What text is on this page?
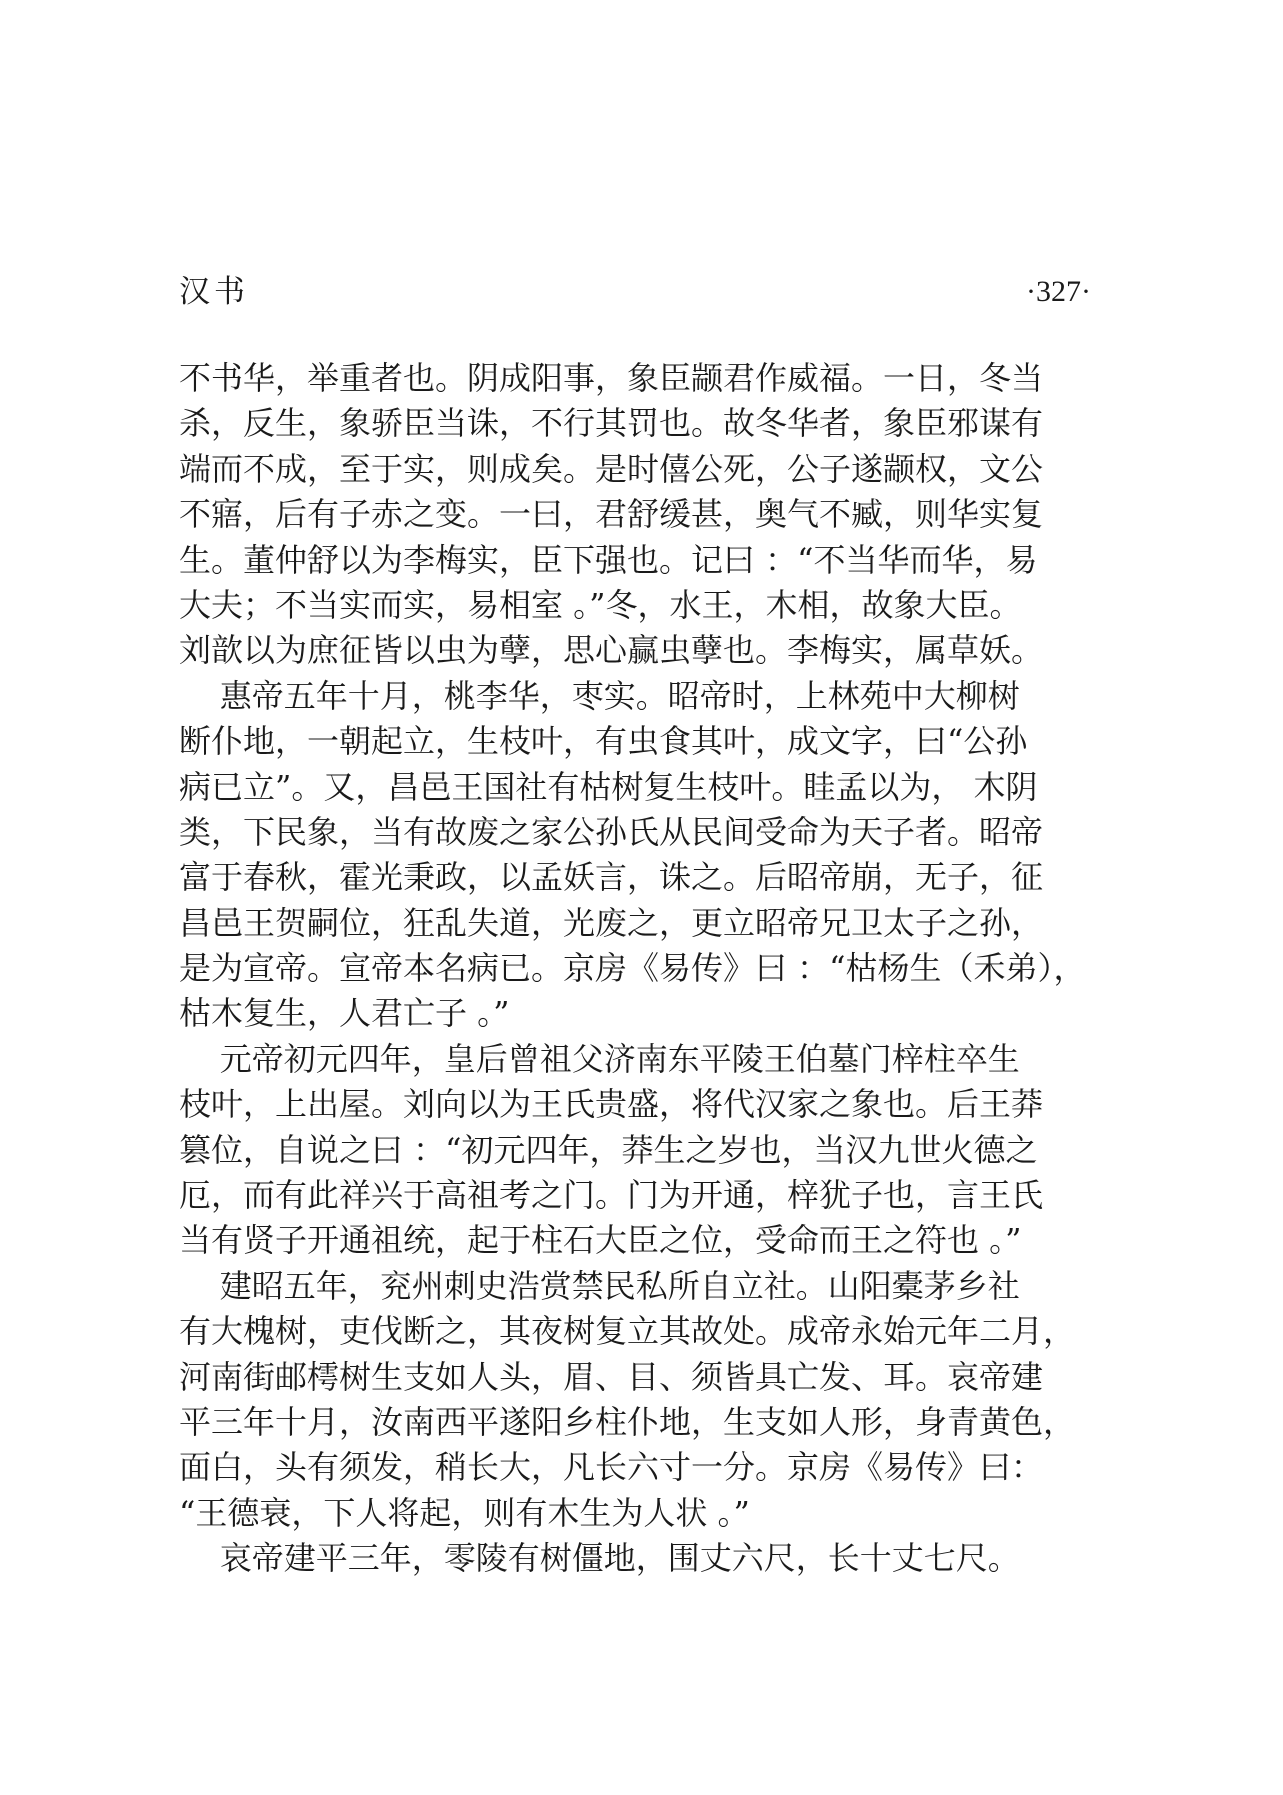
汉书	·327·
不书华，举重者也。阴成阳事，象臣颛君作威福。一日，冬当
杀，反生，象骄臣当诛，不行其罚也。故冬华者，象臣邪谋有
端而不成，至于实，则成矣。是时僖公死，公子遂颛权，文公
不寤，后有子赤之变。一曰，君舒缓甚，奥气不臧，则华实复
生。董仲舒以为李梅实，臣下强也。记曰 ：“不当华而华，易
大夫；不当实而实，易相室 。”冬，水王，木相，故象大臣。
刘歆以为庶征皆以虫为孽，思心赢虫孽也。李梅实，属草妖。
惠帝五年十月，桃李华，枣实。昭帝时，上林苑中大柳树
断仆地，一朝起立，生枝叶，有虫食其叶，成文字，曰“公孙
病已立”。又，昌邑王国社有枯树复生枝叶。眭孟以为， 木阴
类，下民象，当有故废之家公孙氏从民间受命为天子者。昭帝
富于春秋，霍光秉政，以孟妖言，诛之。后昭帝崩，无子，征
昌邑王贺嗣位，狂乱失道，光废之，更立昭帝兄卫太子之孙，
是为宣帝。宣帝本名病已。京房《易传》曰 ：“枯杨生（禾弟），
枯木复生，人君亡子 。”
元帝初元四年，皇后曾祖父济南东平陵王伯墓门梓柱卒生
枝叶，上出屋。刘向以为王氏贵盛，将代汉家之象也。后王莽
篡位，自说之曰 ：“初元四年，莽生之岁也，当汉九世火德之
厄，而有此祥兴于高祖考之门。门为开通，梓犹子也，言王氏
当有贤子开通祖统，起于柱石大臣之位，受命而王之符也 。”
建昭五年，兖州刺史浩赏禁民私所自立社。山阳橐茅乡社
有大槐树，吏伐断之，其夜树复立其故处。成帝永始元年二月，
河南街邮樗树生支如人头，眉、目、须皆具亡发、耳。哀帝建
平三年十月，汝南西平遂阳乡柱仆地，生支如人形，身青黄色，
面白，头有须发，稍长大，凡长六寸一分。京房《易传》曰：
“王德衰，下人将起，则有木生为人状 。”
哀帝建平三年，零陵有树僵地，围丈六尺，长十丈七尺。
